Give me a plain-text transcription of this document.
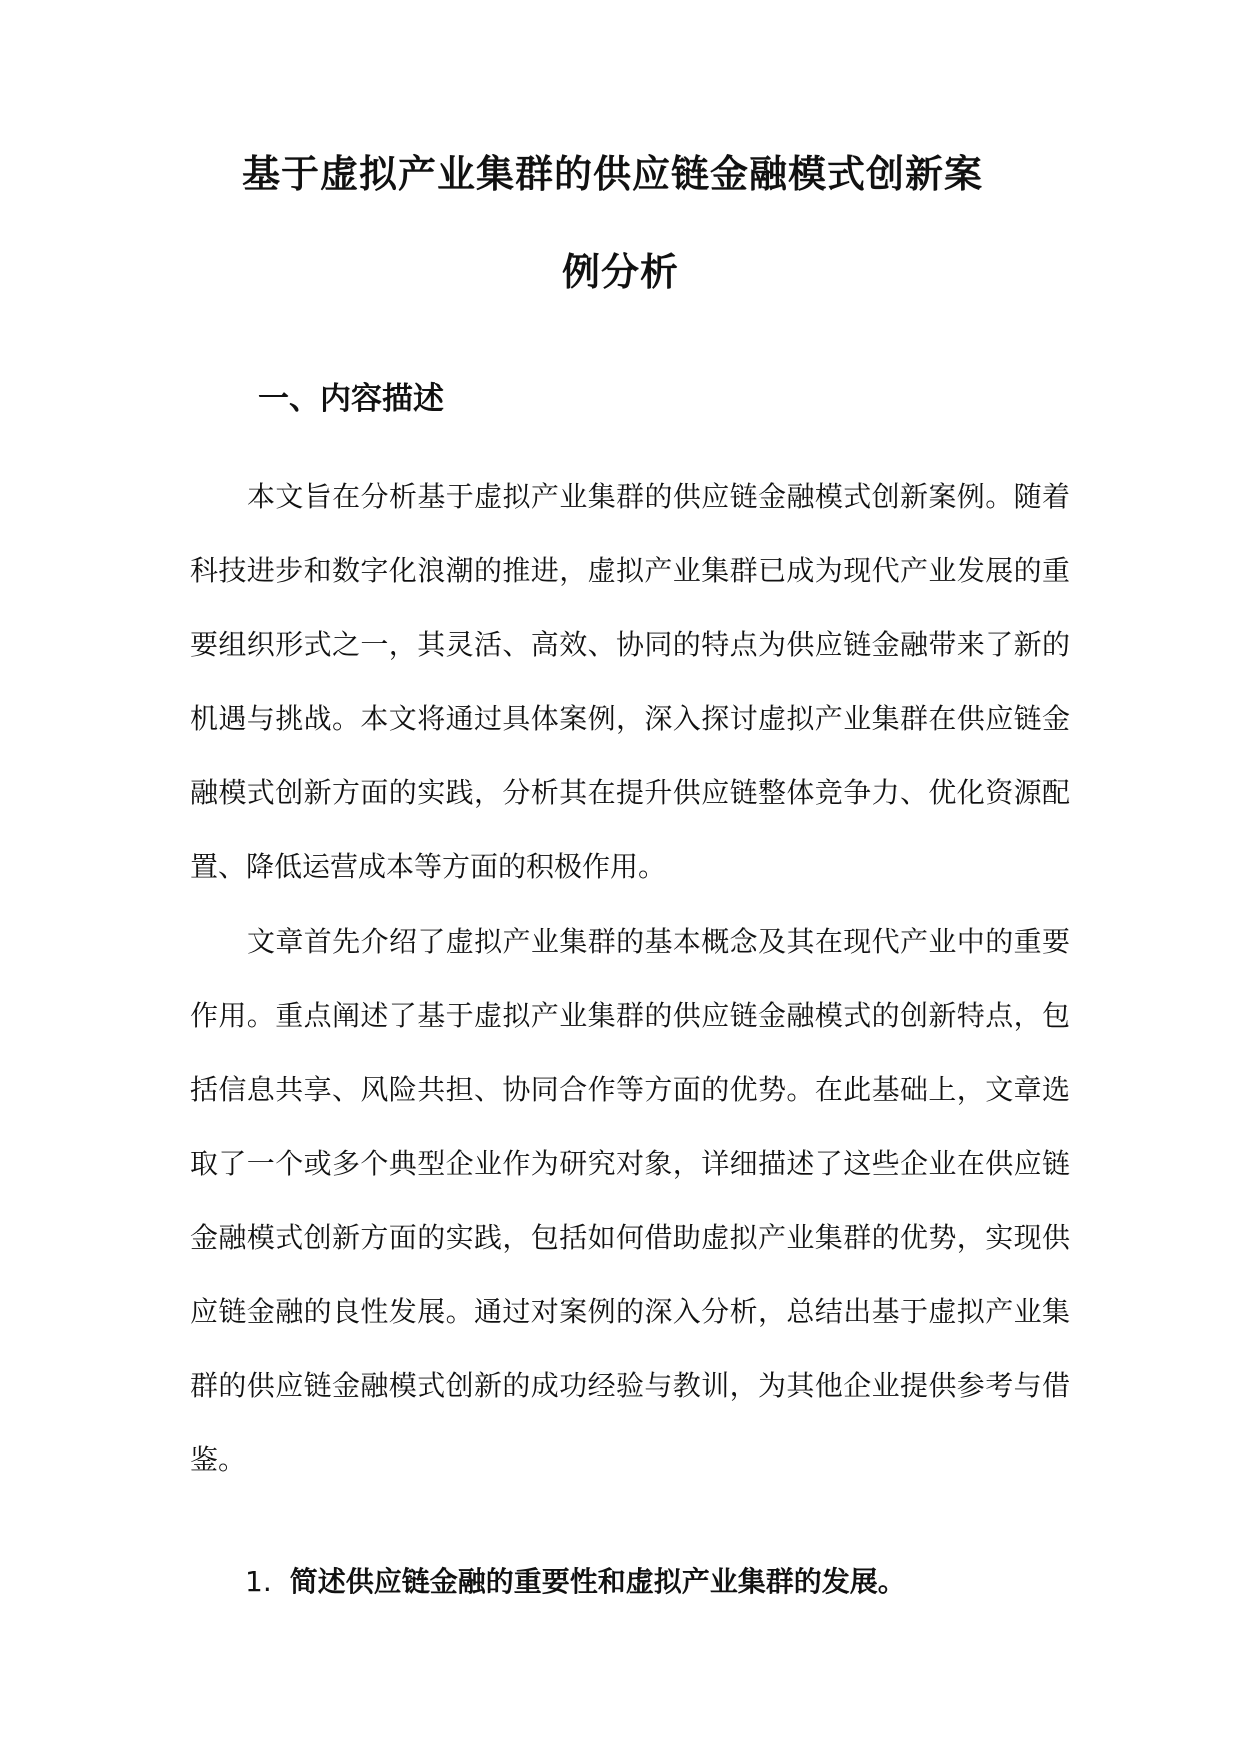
基于虚拟产业集群的供应链金融模式创新案
例分析
一、内容描述

本文旨在分析基于虚拟产业集群的供应链金融模式创新案例。随着科技进步和数字化浪潮的推进，虚拟产业集群已成为现代产业发展的重要组织形式之一，其灵活、高效、协同的特点为供应链金融带来了新的机遇与挑战。本文将通过具体案例，深入探讨虚拟产业集群在供应链金融模式创新方面的实践，分析其在提升供应链整体竞争力、优化资源配置、降低运营成本等方面的积极作用。

文章首先介绍了虚拟产业集群的基本概念及其在现代产业中的重要作用。重点阐述了基于虚拟产业集群的供应链金融模式的创新特点，包括信息共享、风险共担、协同合作等方面的优势。在此基础上，文章选取了一个或多个典型企业作为研究对象，详细描述了这些企业在供应链金融模式创新方面的实践，包括如何借助虚拟产业集群的优势，实现供应链金融的良性发展。通过对案例的深入分析，总结出基于虚拟产业集群的供应链金融模式创新的成功经验与教训，为其他企业提供参考与借鉴。

1. 简述供应链金融的重要性和虚拟产业集群的发展。
